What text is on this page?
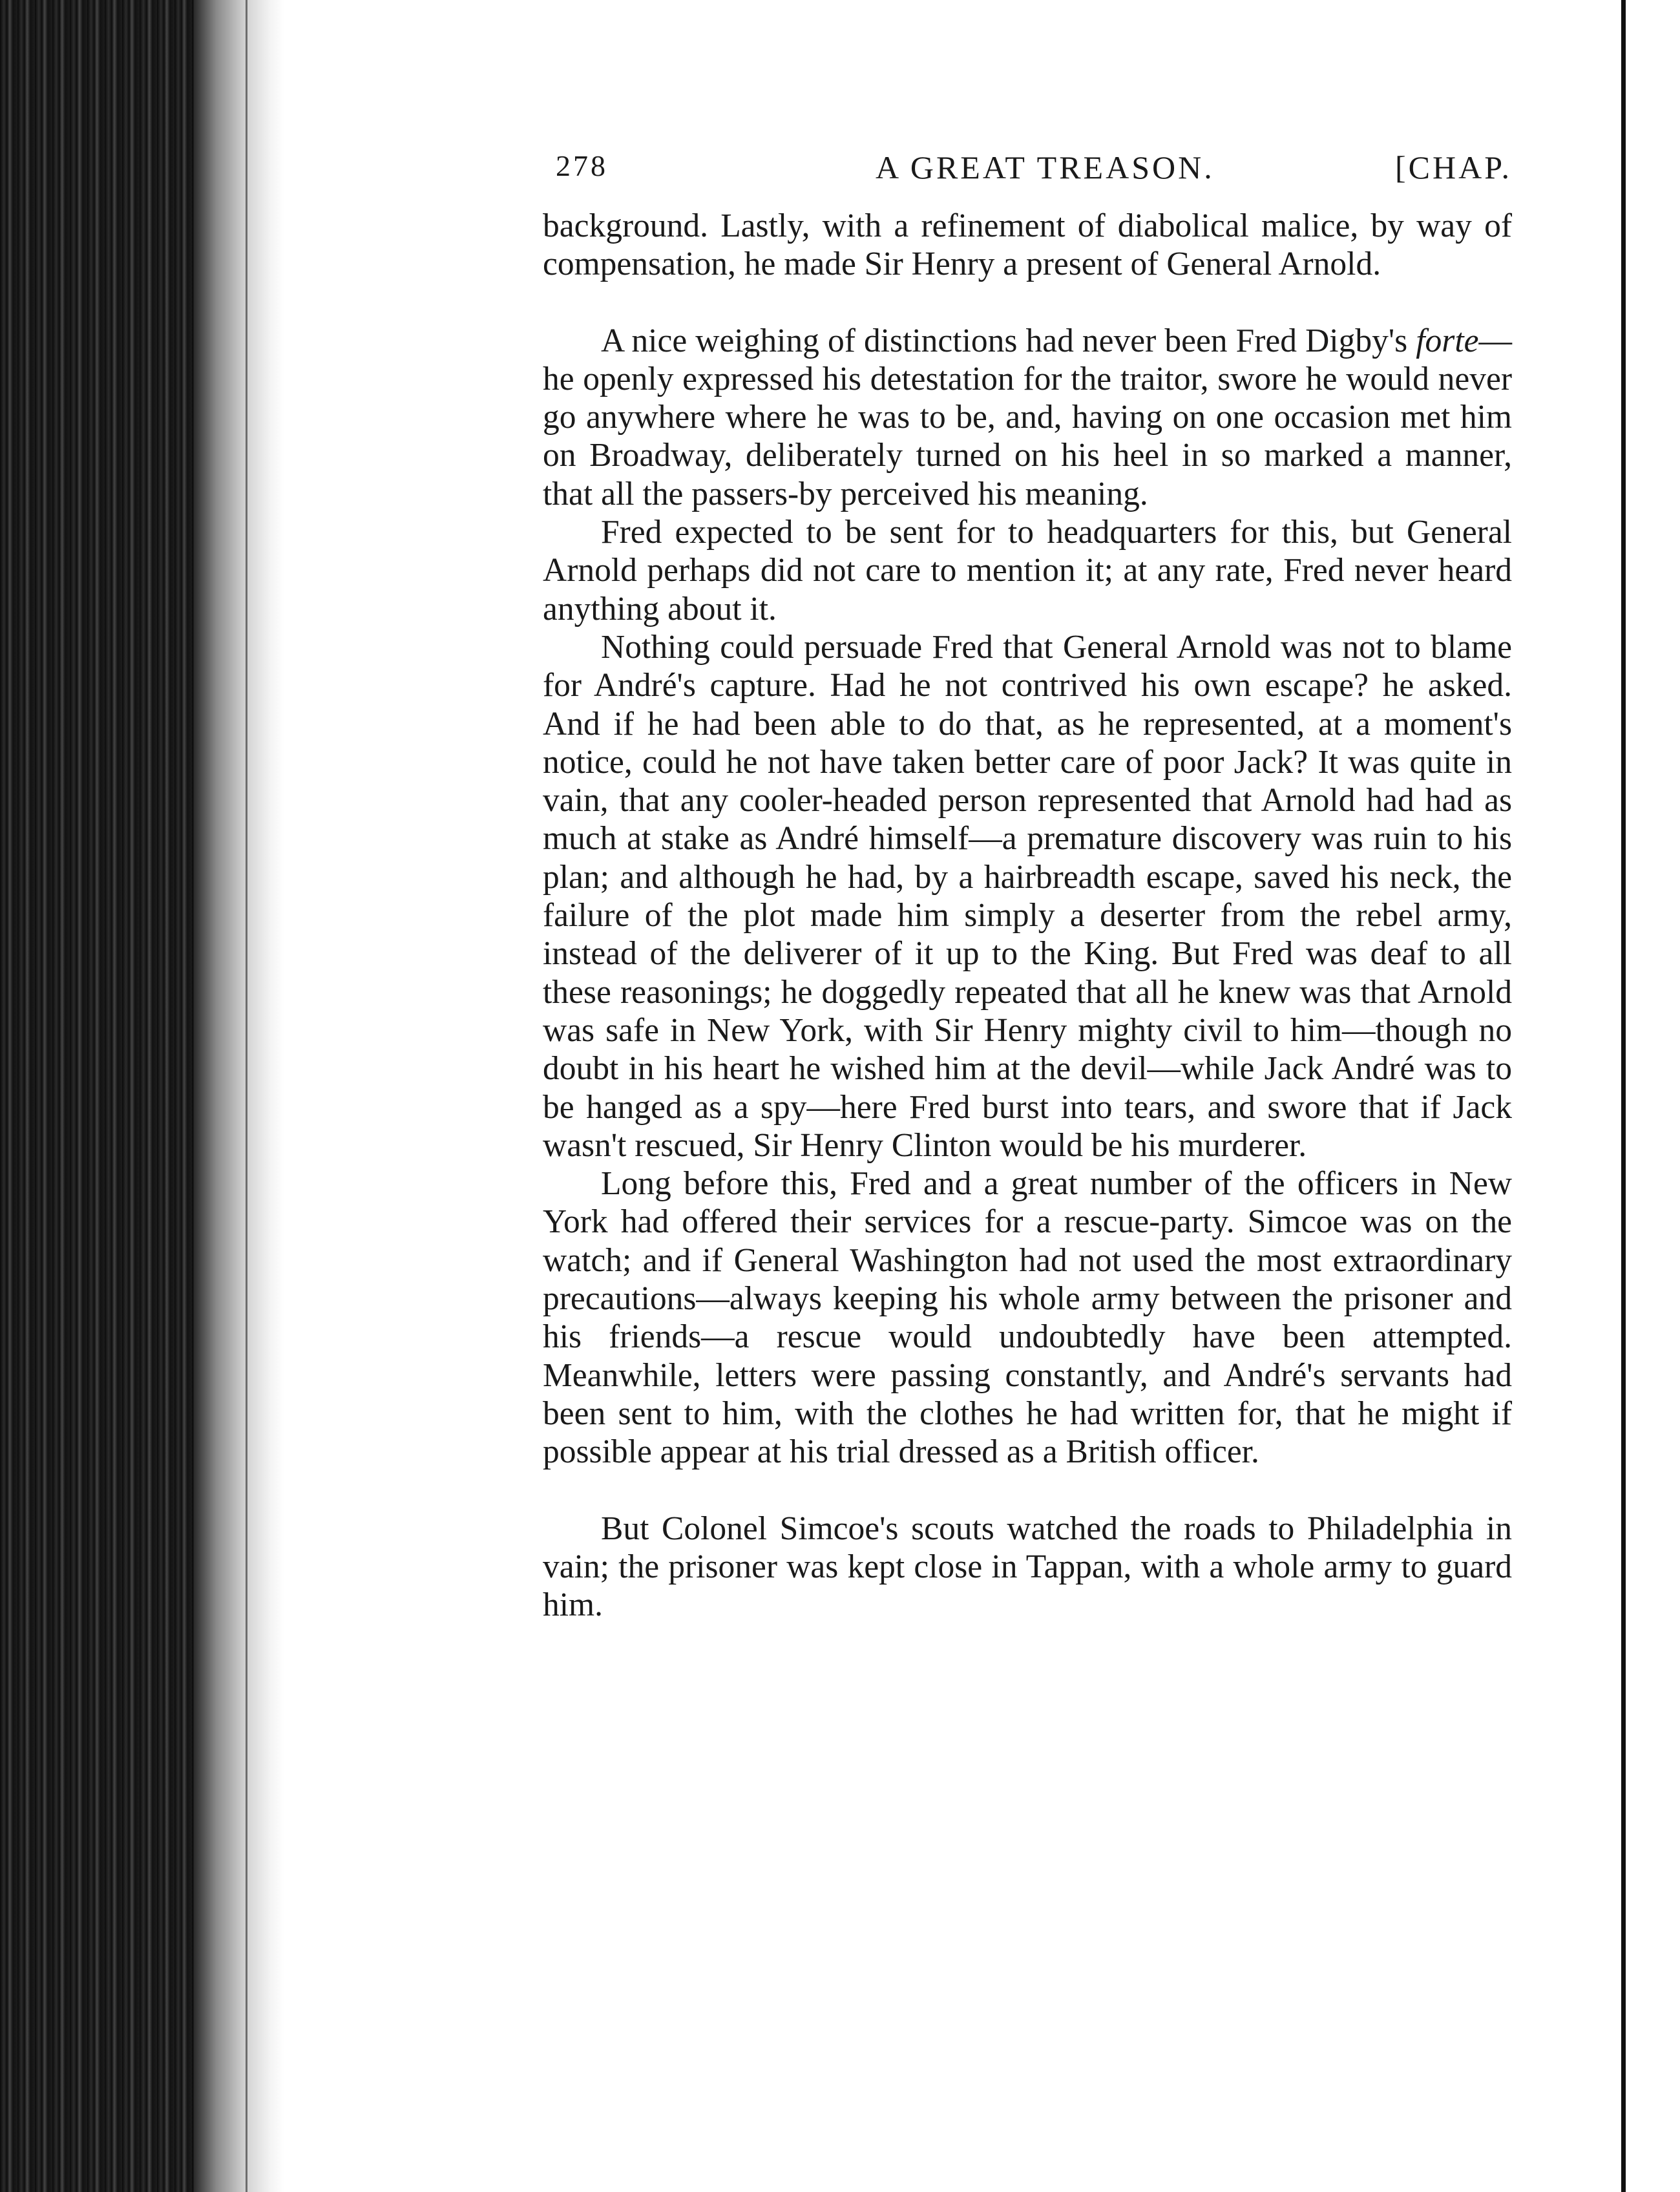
278	A GREAT TREASON.	[CHAP.

background. Lastly, with a refinement of diabolical malice, by way of compensation, he made Sir Henry a present of General Arnold.

A nice weighing of distinctions had never been Fred Digby's forte—he openly expressed his detestation for the traitor, swore he would never go anywhere where he was to be, and, having on one occasion met him on Broadway, deliberately turned on his heel in so marked a manner, that all the passers-by perceived his meaning.

Fred expected to be sent for to headquarters for this, but General Arnold perhaps did not care to mention it; at any rate, Fred never heard anything about it.

Nothing could persuade Fred that General Arnold was not to blame for André's capture. Had he not contrived his own escape? he asked. And if he had been able to do that, as he represented, at a moment's notice, could he not have taken better care of poor Jack? It was quite in vain, that any cooler-headed person represented that Arnold had had as much at stake as André himself—a premature discovery was ruin to his plan; and although he had, by a hairbreadth escape, saved his neck, the failure of the plot made him simply a deserter from the rebel army, instead of the deliverer of it up to the King. But Fred was deaf to all these reasonings; he doggedly repeated that all he knew was that Arnold was safe in New York, with Sir Henry mighty civil to him—though no doubt in his heart he wished him at the devil—while Jack André was to be hanged as a spy—here Fred burst into tears, and swore that if Jack wasn't rescued, Sir Henry Clinton would be his murderer.

Long before this, Fred and a great number of the officers in New York had offered their services for a rescue-party. Simcoe was on the watch; and if General Washington had not used the most extraordinary precautions—always keeping his whole army between the prisoner and his friends—a rescue would undoubtedly have been attempted. Meanwhile, letters were passing constantly, and André's servants had been sent to him, with the clothes he had written for, that he might if possible appear at his trial dressed as a British officer.

But Colonel Simcoe's scouts watched the roads to Philadelphia in vain; the prisoner was kept close in Tappan, with a whole army to guard him.
